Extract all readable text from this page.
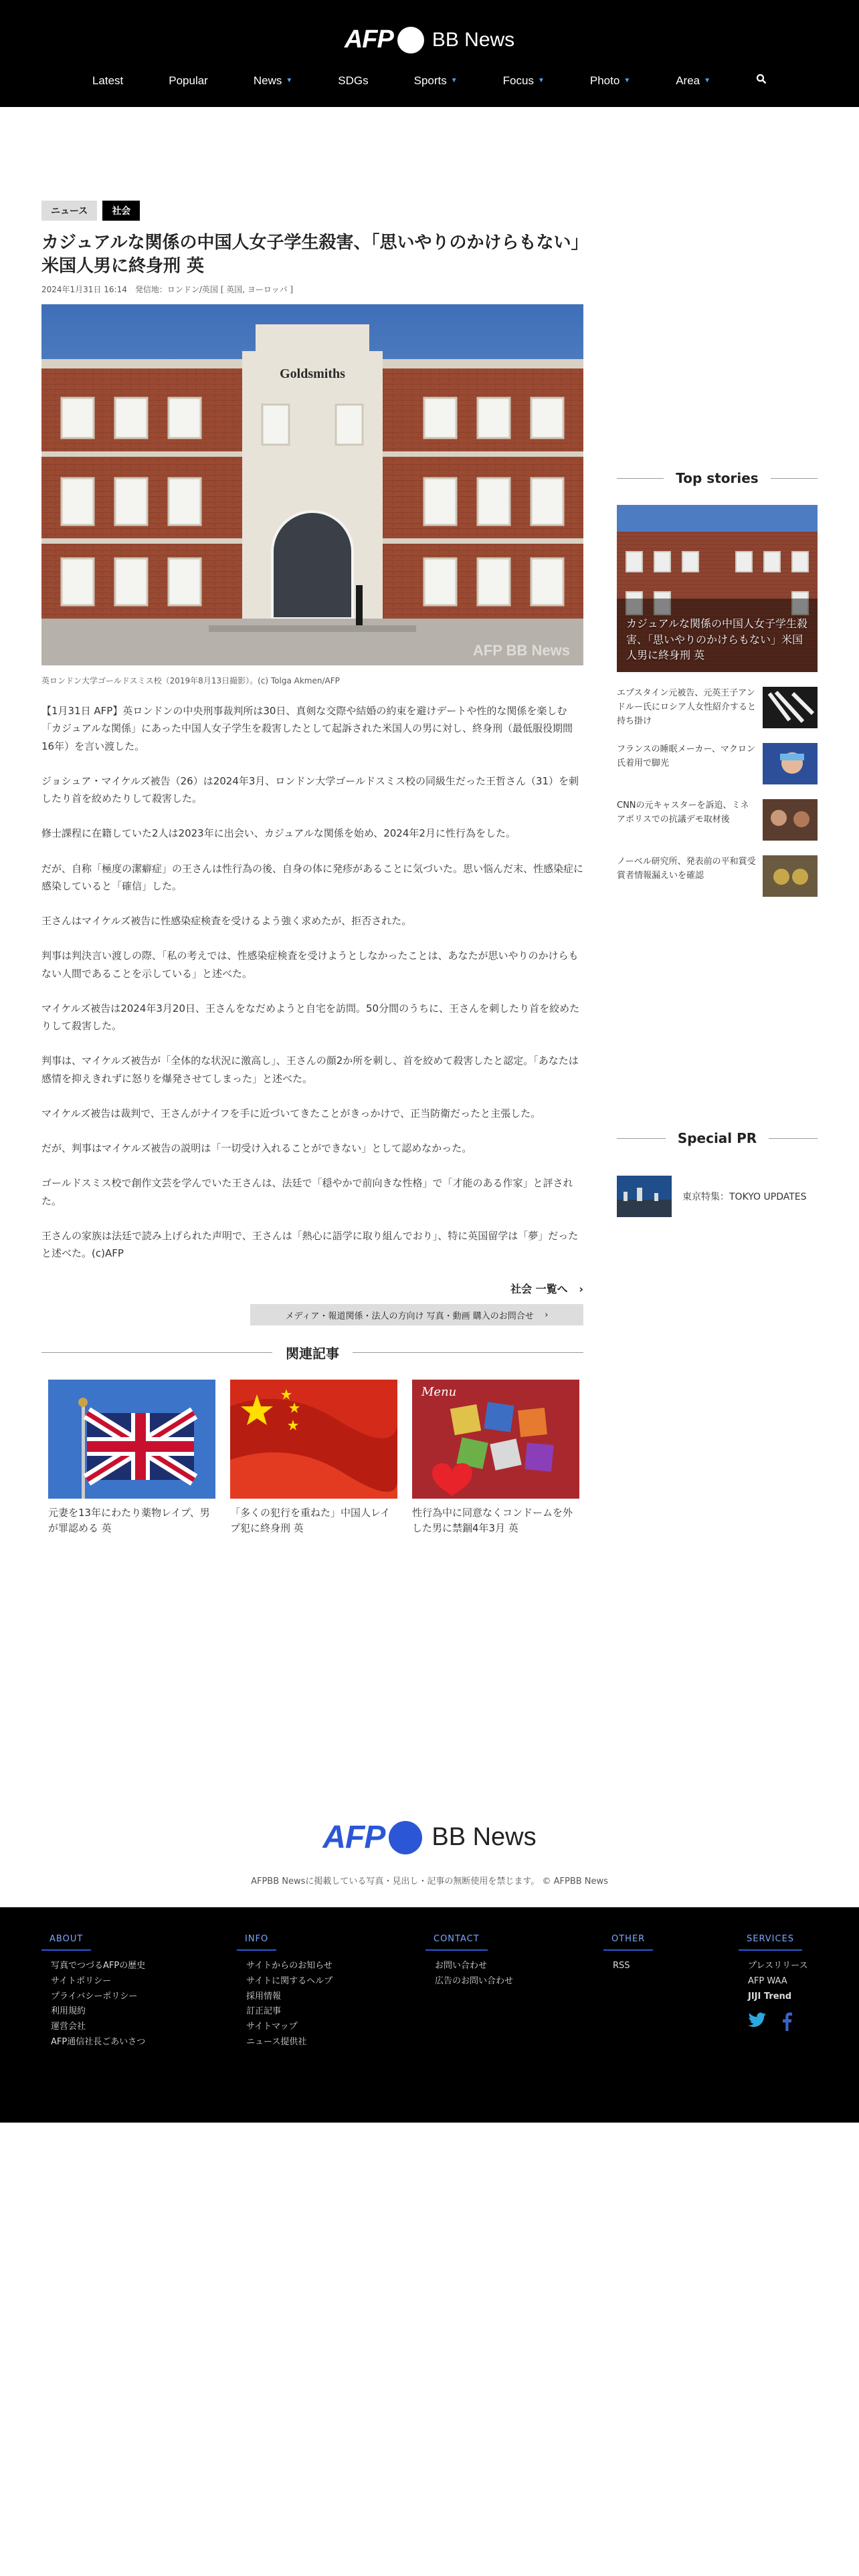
AFP BB News
Latest	Popular	News ▼	SDGs	Sports ▼	Focus ▼	Photo ▼	Area ▼
ニュース	社会
カジュアルな関係の中国人女子学生殺害、「思いやりのかけらもない」米国人男に終身刑 英
2024年1月31日 16:14　発信地：ロンドン/英国 [ 英国, ヨーロッパ ]
Goldsmiths
AFP BB News
英ロンドン大学ゴールドスミス校（2019年8月13日撮影）。(c) Tolga Akmen/AFP

【1月31日 AFP】英ロンドンの中央刑事裁判所は30日、真剣な交際や結婚の約束を避けデートや性的な関係を楽しむ「カジュアルな関係」にあった中国人女子学生を殺害したとして起訴された米国人の男に対し、終身刑（最低服役期間16年）を言い渡した。

ジョシュア・マイケルズ被告（26）は2024年3月、ロンドン大学ゴールドスミス校の同級生だった王哲さん（31）を刺したり首を絞めたりして殺害した。

修士課程に在籍していた2人は2023年に出会い、カジュアルな関係を始め、2024年2月に性行為をした。

だが、自称「極度の潔癖症」の王さんは性行為の後、自身の体に発疹があることに気づいた。思い悩んだ末、性感染症に感染していると「確信」した。

王さんはマイケルズ被告に性感染症検査を受けるよう強く求めたが、拒否された。

判事は判決言い渡しの際、「私の考えでは、性感染症検査を受けようとしなかったことは、あなたが思いやりのかけらもない人間であることを示している」と述べた。

マイケルズ被告は2024年3月20日、王さんをなだめようと自宅を訪問。50分間のうちに、王さんを刺したり首を絞めたりして殺害した。

判事は、マイケルズ被告が「全体的な状況に激高し」、王さんの顔2か所を刺し、首を絞めて殺害したと認定。「あなたは感情を抑えきれずに怒りを爆発させてしまった」と述べた。

マイケルズ被告は裁判で、王さんがナイフを手に近づいてきたことがきっかけで、正当防衛だったと主張した。

だが、判事はマイケルズ被告の説明は「一切受け入れることができない」として認めなかった。

ゴールドスミス校で創作文芸を学んでいた王さんは、法廷で「穏やかで前向きな性格」で「才能のある作家」と評された。

王さんの家族は法廷で読み上げられた声明で、王さんは「熱心に語学に取り組んでおり」、特に英国留学は「夢」だったと述べた。(c)AFP

社会 一覧へ   ›
メディア・報道関係・法人の方向け 写真・動画 購入のお問合せ ›
関連記事
元妻を13年にわたり薬物レイプ、男が罪認める 英
「多くの犯行を重ねた」中国人レイプ犯に終身刑 英
Menu
性行為中に同意なくコンドームを外した男に禁錮4年3月 英
Top stories
カジュアルな関係の中国人女子学生殺害、「思いやりのかけらもない」米国人男に終身刑 英
エプスタイン元被告、元英王子アンドルー氏にロシア人女性紹介すると持ち掛け
フランスの睡眠メーカー、マクロン氏着用で脚光
CNNの元キャスターを訴追、ミネアポリスでの抗議デモ取材後
ノーベル研究所、発表前の平和賞受賞者情報漏えいを確認
Special PR
東京特集：TOKYO UPDATES
AFP BB News
AFPBB Newsに掲載している写真・見出し・記事の無断使用を禁じます。 © AFPBB News
ABOUT
写真でつづるAFPの歴史
サイトポリシー
プライバシーポリシー
利用規約
運営会社
AFP通信社長ごあいさつ
INFO
サイトからのお知らせ
サイトに関するヘルプ
採用情報
訂正記事
サイトマップ
ニュース提供社
CONTACT
お問い合わせ
広告のお問い合わせ
OTHER
RSS
SERVICES
プレスリリース
AFP WAA
JIJI Trend
